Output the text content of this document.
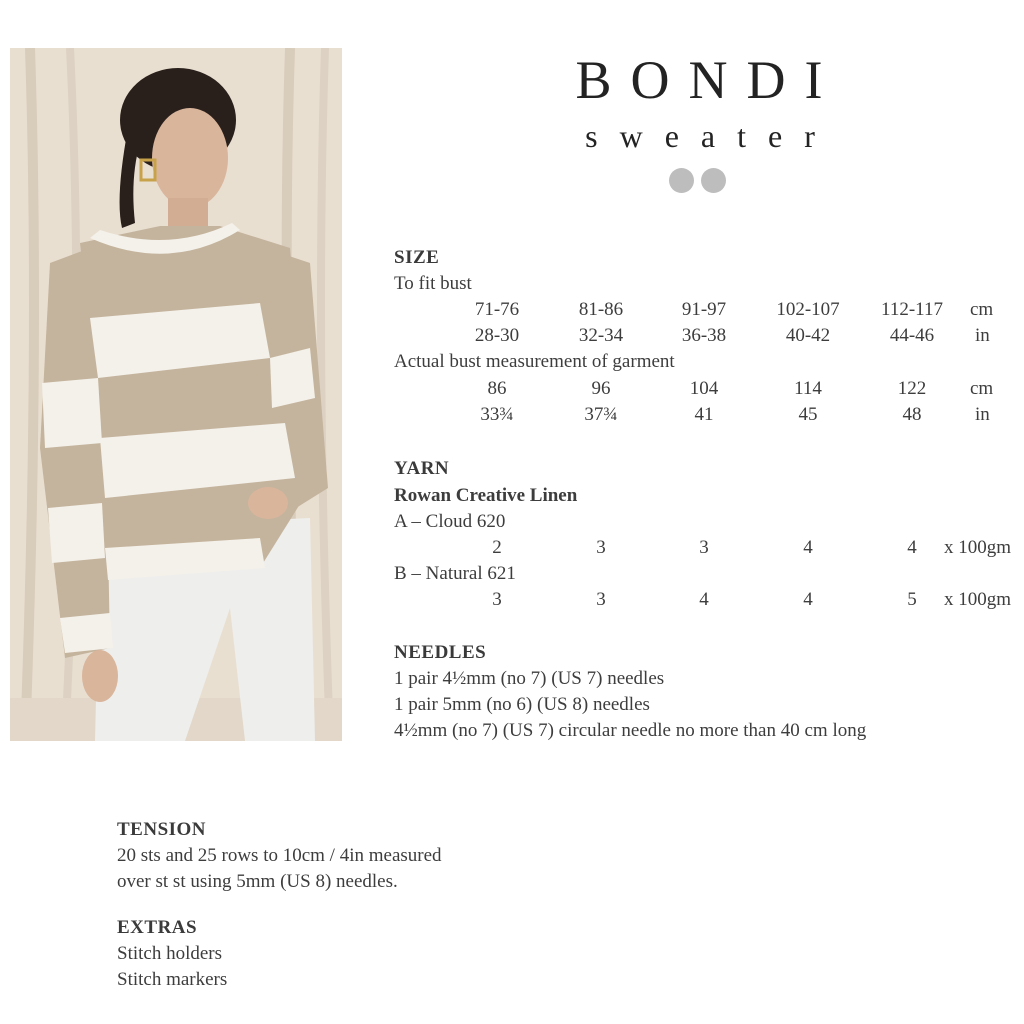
BONDI
sweater
SIZE
To fit bust
71-76	81-86	91-97	102-107	112-117	cm
28-30	32-34	36-38	40-42	44-46	in
Actual bust measurement of garment
86	96	104	114	122	cm
33¾	37¾	41	45	48	in
YARN
Rowan Creative Linen
A – Cloud 620
2	3	3	4	4	x 100gm
B – Natural 621
3	3	4	4	5	x 100gm
NEEDLES
1 pair 4½mm (no 7) (US 7) needles
1 pair 5mm (no 6) (US 8) needles
4½mm (no 7) (US 7) circular needle no more than 40 cm long
TENSION
20 sts and 25 rows to 10cm / 4in measured
over st st using 5mm (US 8) needles.
EXTRAS
Stitch holders
Stitch markers
